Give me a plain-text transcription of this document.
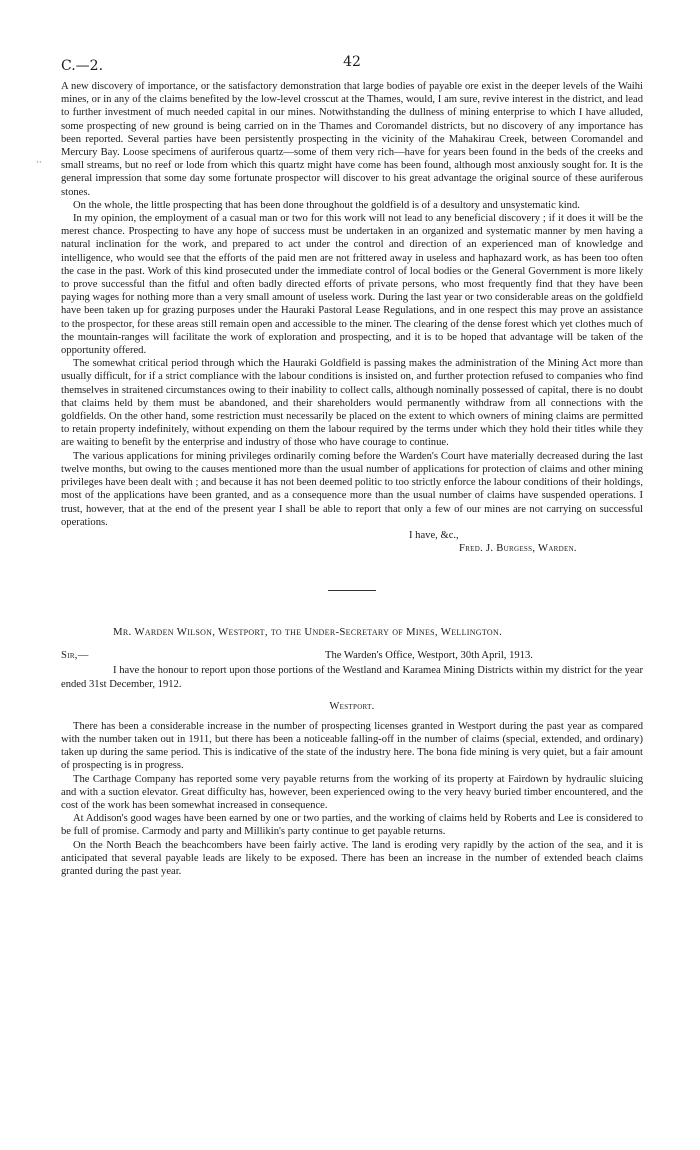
C.—2.	42

A new discovery of importance, or the satisfactory demonstration that large bodies of payable ore exist in the deeper levels of the Waihi mines, or in any of the claims benefited by the low-level crosscut at the Thames, would, I am sure, revive interest in the district, and lead to further investment of much needed capital in our mines. Notwithstanding the dullness of mining enterprise to which I have alluded, some prospecting of new ground is being carried on in the Thames and Coromandel districts, but no discovery of any importance has been reported. Several parties have been persistently prospecting in the vicinity of the Mahakirau Creek, between Coromandel and Mercury Bay. Loose specimens of auriferous quartz—some of them very rich—have for years been found in the beds of the creeks and small streams, but no reef or lode from which this quartz might have come has been found, although most anxiously sought for. It is the general impression that some day some fortunate prospector will discover to his great advantage the original source of these auriferous stones.

On the whole, the little prospecting that has been done throughout the goldfield is of a desultory and unsystematic kind.

In my opinion, the employment of a casual man or two for this work will not lead to any beneficial discovery ; if it does it will be the merest chance. Prospecting to have any hope of success must be undertaken in an organized and systematic manner by men having a natural inclination for the work, and prepared to act under the control and direction of an experienced man of knowledge and intelligence, who would see that the efforts of the paid men are not frittered away in useless and haphazard work, as has been too often the case in the past. Work of this kind prosecuted under the immediate control of local bodies or the General Government is more likely to prove successful than the fitful and often badly directed efforts of private persons, who most frequently find that they have been paying wages for nothing more than a very small amount of useless work. During the last year or two considerable areas on the goldfield have been taken up for grazing purposes under the Hauraki Pastoral Lease Regulations, and in one respect this may prove an assistance to the prospector, for these areas still remain open and accessible to the miner. The clearing of the dense forest which yet clothes much of the mountain-ranges will facilitate the work of exploration and prospecting, and it is to be hoped that advantage will be taken of the opportunity offered.

The somewhat critical period through which the Hauraki Goldfield is passing makes the administration of the Mining Act more than usually difficult, for if a strict compliance with the labour conditions is insisted on, and further protection refused to companies who find themselves in straitened circumstances owing to their inability to collect calls, although nominally possessed of capital, there is no doubt that claims held by them must be abandoned, and their shareholders would permanently withdraw from all connections with the goldfields. On the other hand, some restriction must necessarily be placed on the extent to which owners of mining claims are permitted to retain property indefinitely, without expending on them the labour required by the terms under which they hold their titles while they are waiting to benefit by the enterprise and industry of those who have courage to continue.

The various applications for mining privileges ordinarily coming before the Warden's Court have materially decreased during the last twelve months, but owing to the causes mentioned more than the usual number of applications for protection of claims and other mining privileges have been dealt with ; and because it has not been deemed politic to too strictly enforce the labour conditions of their holdings, most of the applications have been granted, and as a consequence more than the usual number of claims have suspended operations. I trust, however, that at the end of the present year I shall be able to report that only a few of our mines are not carrying on successful operations.

I have, &c.,
Fred. J. Burgess, Warden.
Mr. Warden Wilson, Westport, to the Under-Secretary of Mines, Wellington.
Sir,—	The Warden's Office, Westport, 30th April, 1913.

I have the honour to report upon those portions of the Westland and Karamea Mining Districts within my district for the year ended 31st December, 1912.

Westport.

There has been a considerable increase in the number of prospecting licenses granted in Westport during the past year as compared with the number taken out in 1911, but there has been a noticeable falling-off in the number of claims (special, extended, and ordinary) taken up during the same period. This is indicative of the state of the industry here. The bona fide mining is very quiet, but a fair amount of prospecting is in progress.

The Carthage Company has reported some very payable returns from the working of its property at Fairdown by hydraulic sluicing and with a suction elevator. Great difficulty has, however, been experienced owing to the very heavy buried timber encountered, and the cost of the work has been somewhat increased in consequence.

At Addison's good wages have been earned by one or two parties, and the working of claims held by Roberts and Lee is considered to be full of promise. Carmody and party and Millikin's party continue to get payable returns.

On the North Beach the beachcombers have been fairly active. The land is eroding very rapidly by the action of the sea, and it is anticipated that several payable leads are likely to be exposed. There has been an increase in the number of extended beach claims granted during the past year.

··
